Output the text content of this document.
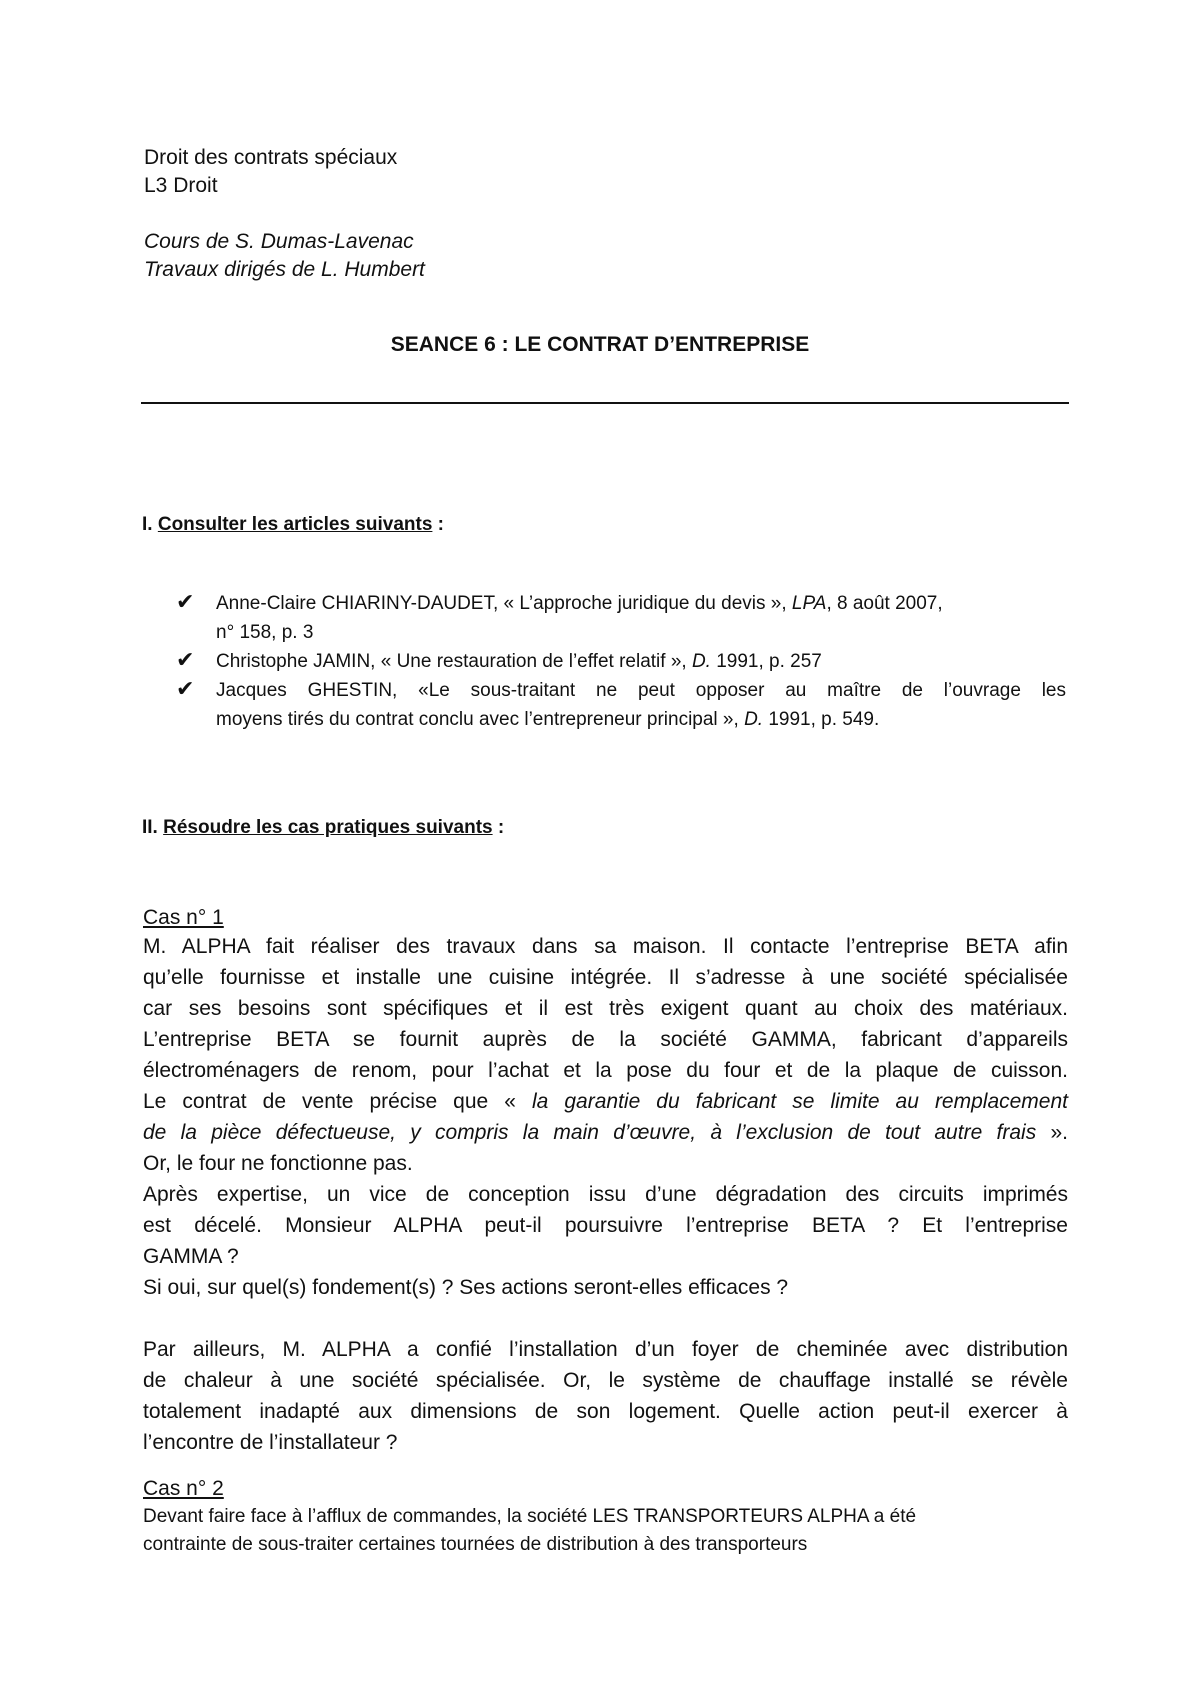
Droit des contrats spéciaux
L3 Droit
Cours de S. Dumas-Lavenac
Travaux dirigés de L. Humbert
SEANCE 6 : LE CONTRAT D’ENTREPRISE
I. Consulter les articles suivants :
✔ Anne-Claire CHIARINY-DAUDET, « L’approche juridique du devis », LPA, 8 août 2007,
n° 158, p. 3
✔ Christophe JAMIN, « Une restauration de l’effet relatif », D. 1991, p. 257
✔ Jacques GHESTIN, «Le sous-traitant ne peut opposer au maître de l’ouvrage les
moyens tirés du contrat conclu avec l’entrepreneur principal », D. 1991, p. 549.
II. Résoudre les cas pratiques suivants :
Cas n° 1
M. ALPHA fait réaliser des travaux dans sa maison. Il contacte l’entreprise BETA afin
qu’elle fournisse et installe une cuisine intégrée. Il s’adresse à une société spécialisée
car ses besoins sont spécifiques et il est très exigent quant au choix des matériaux.
L’entreprise BETA se fournit auprès de la société GAMMA, fabricant d’appareils
électroménagers de renom, pour l’achat et la pose du four et de la plaque de cuisson.
Le contrat de vente précise que « la garantie du fabricant se limite au remplacement
de la pièce défectueuse, y compris la main d’œuvre, à l’exclusion de tout autre frais ».
Or, le four ne fonctionne pas.
Après expertise, un vice de conception issu d’une dégradation des circuits imprimés
est décelé. Monsieur ALPHA peut-il poursuivre l’entreprise BETA ? Et l’entreprise
GAMMA ?
Si oui, sur quel(s) fondement(s) ? Ses actions seront-elles efficaces ?
Par ailleurs, M. ALPHA a confié l’installation d’un foyer de cheminée avec distribution
de chaleur à une société spécialisée. Or, le système de chauffage installé se révèle
totalement inadapté aux dimensions de son logement. Quelle action peut-il exercer à
l’encontre de l’installateur ?
Cas n° 2
Devant faire face à l’afflux de commandes, la société LES TRANSPORTEURS ALPHA a été
contrainte de sous-traiter certaines tournées de distribution à des transporteurs
